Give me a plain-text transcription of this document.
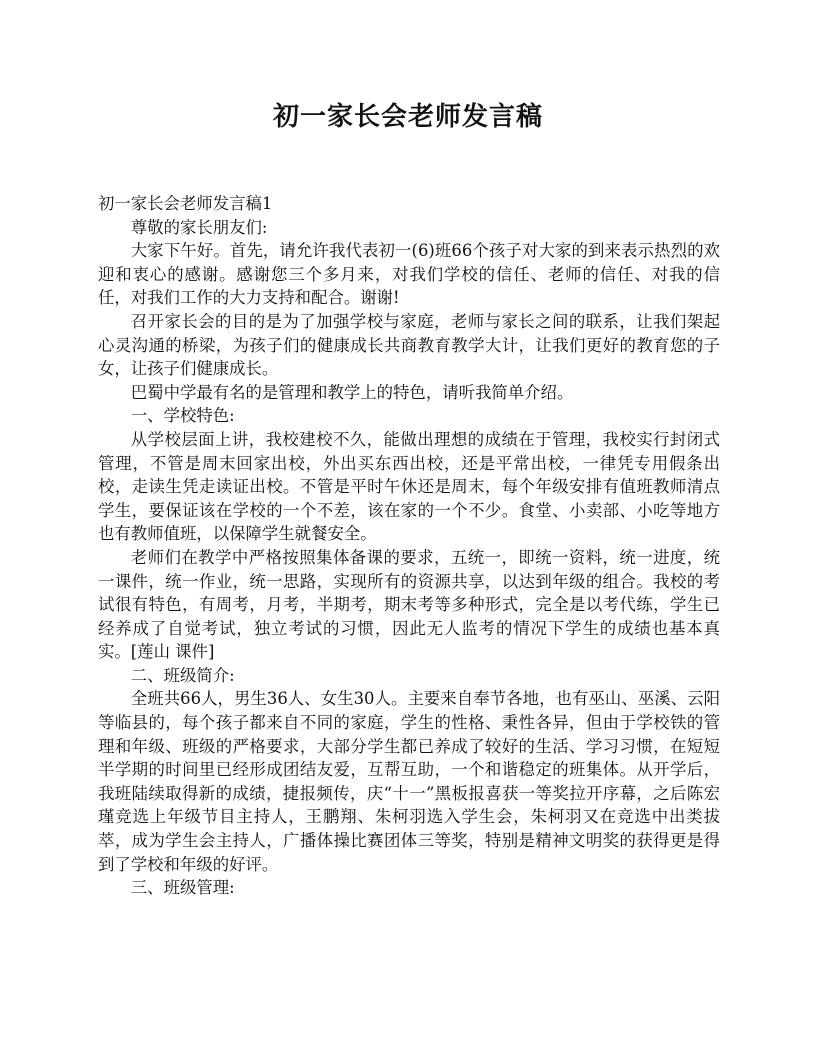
初一家长会老师发言稿

初一家长会老师发言稿1

尊敬的家长朋友们:

大家下午好。首先，请允许我代表初一(6)班66个孩子对大家的到来表示热烈的欢迎和衷心的感谢。感谢您三个多月来，对我们学校的信任、老师的信任、对我的信任，对我们工作的大力支持和配合。谢谢!

召开家长会的目的是为了加强学校与家庭，老师与家长之间的联系，让我们架起心灵沟通的桥梁，为孩子们的健康成长共商教育教学大计，让我们更好的教育您的子女，让孩子们健康成长。

巴蜀中学最有名的是管理和教学上的特色，请听我简单介绍。

一、学校特色:

从学校层面上讲，我校建校不久，能做出理想的成绩在于管理，我校实行封闭式管理，不管是周末回家出校，外出买东西出校，还是平常出校，一律凭专用假条出校，走读生凭走读证出校。不管是平时午休还是周末，每个年级安排有值班教师清点学生，要保证该在学校的一个不差，该在家的一个不少。食堂、小卖部、小吃等地方也有教师值班，以保障学生就餐安全。

老师们在教学中严格按照集体备课的要求，五统一，即统一资料，统一进度，统一课件，统一作业，统一思路，实现所有的资源共享，以达到年级的组合。我校的考试很有特色，有周考，月考，半期考，期末考等多种形式，完全是以考代练，学生已经养成了自觉考试，独立考试的习惯，因此无人监考的情况下学生的成绩也基本真实。[莲山 课件]

二、班级简介:

全班共66人，男生36人、女生30人。主要来自奉节各地，也有巫山、巫溪、云阳等临县的，每个孩子都来自不同的家庭，学生的性格、秉性各异，但由于学校铁的管理和年级、班级的严格要求，大部分学生都已养成了较好的生活、学习习惯，在短短半学期的时间里已经形成团结友爱，互帮互助，一个和谐稳定的班集体。从开学后，我班陆续取得新的成绩，捷报频传，庆“十一”黑板报喜获一等奖拉开序幕，之后陈宏瑾竞选上年级节目主持人，王鹏翔、朱柯羽选入学生会，朱柯羽又在竞选中出类拔萃，成为学生会主持人，广播体操比赛团体三等奖，特别是精神文明奖的获得更是得到了学校和年级的好评。

三、班级管理:
